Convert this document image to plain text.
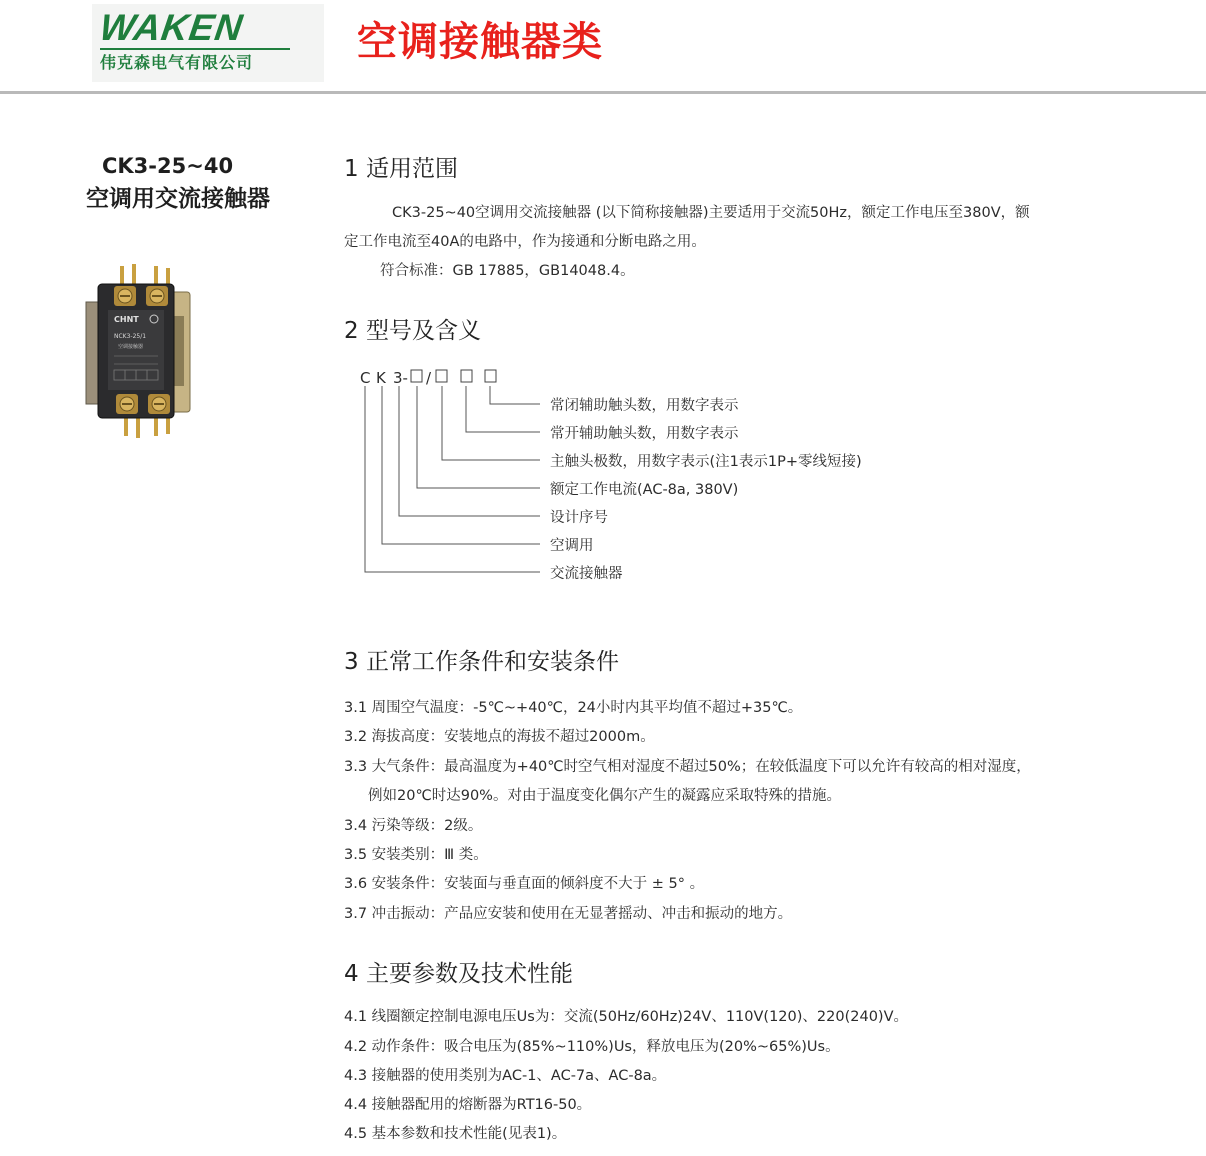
WAKEN
伟克森电气有限公司	空调接触器类
CK3-25~40
空调用交流接触器
CHNT
NCK3-25/1
空调接触器
1 适用范围
CK3-25~40空调用交流接触器 (以下简称接触器)主要适用于交流50Hz，额定工作电压至380V，额
定工作电流至40A的电路中，作为接通和分断电路之用。
符合标准：GB 17885，GB14048.4。
2 型号及含义
C K 3- /
常闭辅助触头数，用数字表示
常开辅助触头数，用数字表示
主触头极数，用数字表示(注1表示1P+零线短接)
额定工作电流(AC-8a, 380V)
设计序号
空调用
交流接触器
3 正常工作条件和安装条件
3.1 周围空气温度：-5℃~+40℃，24小时内其平均值不超过+35℃。
3.2 海拔高度：安装地点的海拔不超过2000m。
3.3 大气条件：最高温度为+40℃时空气相对湿度不超过50%；在较低温度下可以允许有较高的相对湿度，
例如20℃时达90%。对由于温度变化偶尔产生的凝露应采取特殊的措施。
3.4 污染等级：2级。
3.5 安装类别：Ⅲ 类。
3.6 安装条件：安装面与垂直面的倾斜度不大于 ± 5° 。
3.7 冲击振动：产品应安装和使用在无显著摇动、冲击和振动的地方。
4 主要参数及技术性能
4.1 线圈额定控制电源电压Us为：交流(50Hz/60Hz)24V、110V(120)、220(240)V。
4.2 动作条件：吸合电压为(85%~110%)Us，释放电压为(20%~65%)Us。
4.3 接触器的使用类别为AC-1、AC-7a、AC-8a。
4.4 接触器配用的熔断器为RT16-50。
4.5 基本参数和技术性能(见表1)。
